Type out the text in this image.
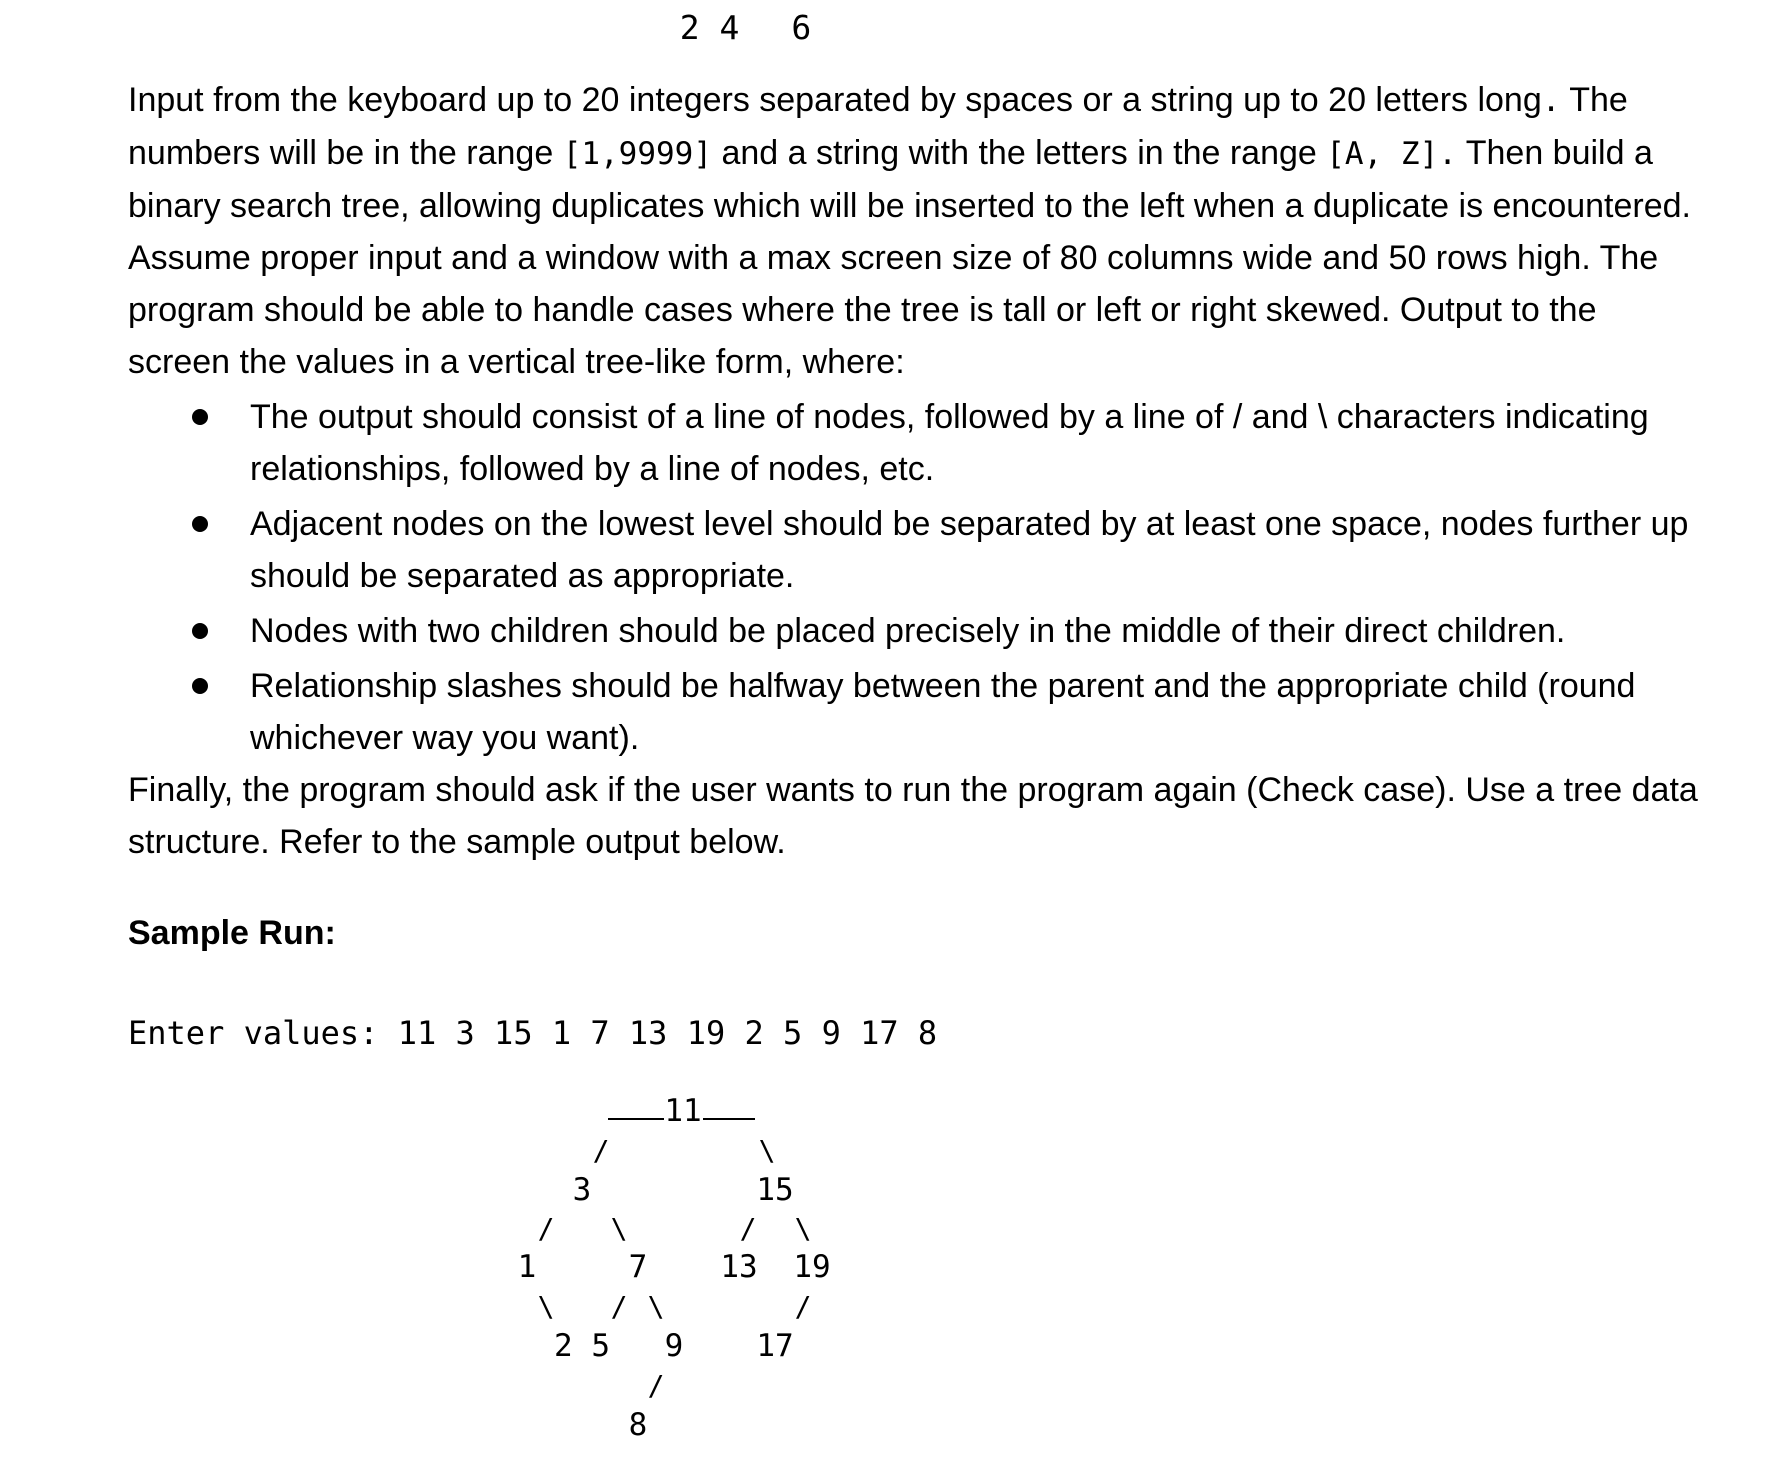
2 4 6

Input from the keyboard up to 20 integers separated by spaces or a string up to 20 letters long. The numbers will be in the range [1,9999] and a string with the letters in the range [A, Z]. Then build a binary search tree, allowing duplicates which will be inserted to the left when a duplicate is encountered. Assume proper input and a window with a max screen size of 80 columns wide and 50 rows high. The program should be able to handle cases where the tree is tall or left or right skewed. Output to the screen the values in a vertical tree-like form, where:

The output should consist of a line of nodes, followed by a line of / and \ characters indicating relationships, followed by a line of nodes, etc.
Adjacent nodes on the lowest level should be separated by at least one space, nodes further up should be separated as appropriate.
Nodes with two children should be placed precisely in the middle of their direct children.
Relationship slashes should be halfway between the parent and the appropriate child (round whichever way you want).

Finally, the program should ask if the user wants to run the program again (Check case). Use a tree data structure. Refer to the sample output below.

Sample Run:
Enter values: 11 3 15 1 7 13 19 2 5 9 17 8
11
3	15
1	7 13 19
2 5 9 17
8
/	\
/ \	/ \
\ / \	/
/
